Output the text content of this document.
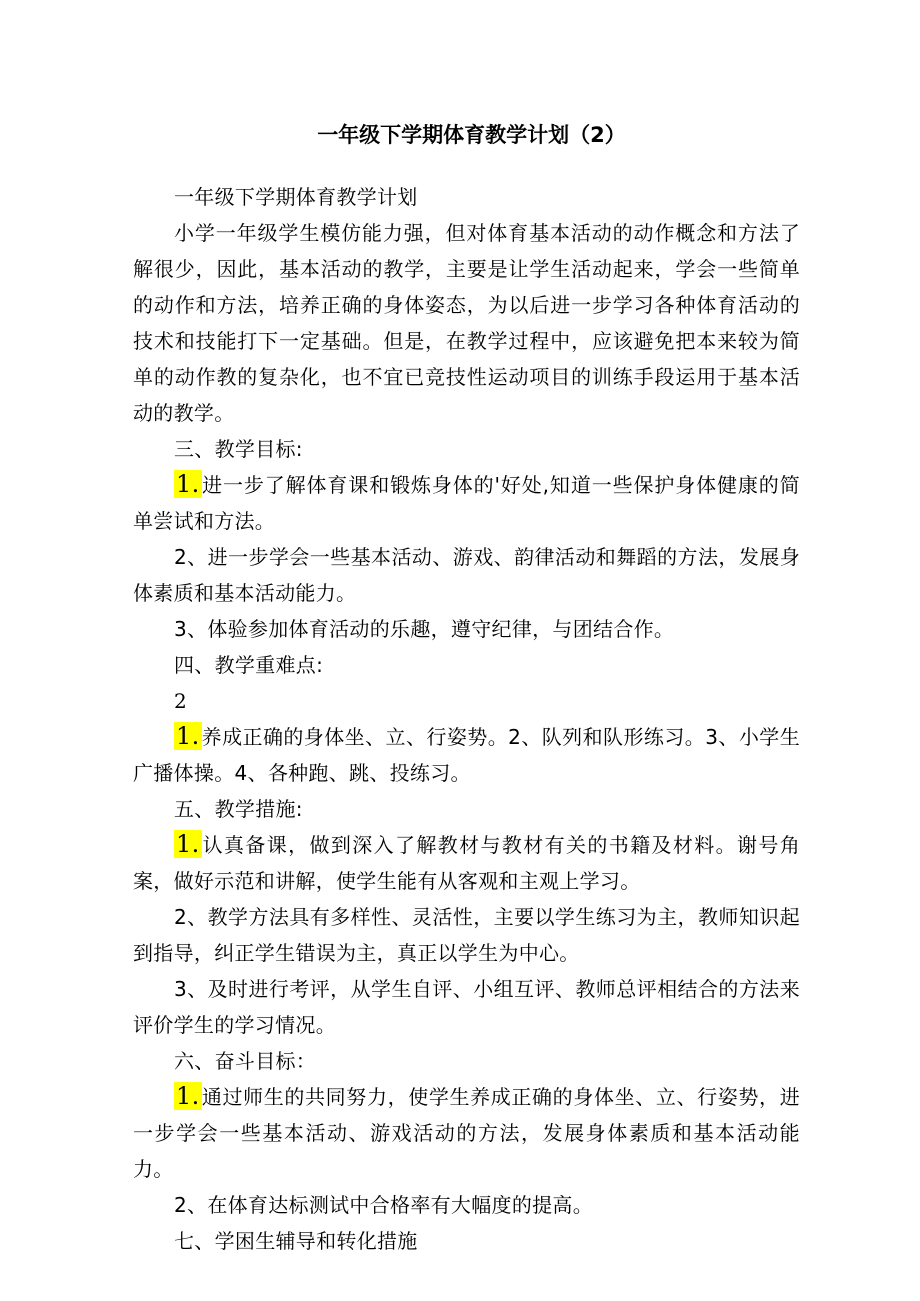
一年级下学期体育教学计划（2）

一年级下学期体育教学计划

小学一年级学生模仿能力强，但对体育基本活动的动作概念和方法了解很少，因此，基本活动的教学，主要是让学生活动起来，学会一些简单的动作和方法，培养正确的身体姿态，为以后进一步学习各种体育活动的技术和技能打下一定基础。但是，在教学过程中，应该避免把本来较为简单的动作教的复杂化，也不宜已竞技性运动项目的训练手段运用于基本活动的教学。

三、教学目标:

1. 进一步了解体育课和锻炼身体的'好处,知道一些保护身体健康的简单尝试和方法。

2、进一步学会一些基本活动、游戏、韵律活动和舞蹈的方法，发展身体素质和基本活动能力。

3、体验参加体育活动的乐趣，遵守纪律，与团结合作。

四、教学重难点:

2

1. 养成正确的身体坐、立、行姿势。2、队列和队形练习。3、小学生广播体操。4、各种跑、跳、投练习。

五、教学措施:

1. 认真备课，做到深入了解教材与教材有关的书籍及材料。谢号角案，做好示范和讲解，使学生能有从客观和主观上学习。

2、教学方法具有多样性、灵活性，主要以学生练习为主，教师知识起到指导，纠正学生错误为主，真正以学生为中心。

3、及时进行考评，从学生自评、小组互评、教师总评相结合的方法来评价学生的学习情况。

六、奋斗目标：

1. 通过师生的共同努力，使学生养成正确的身体坐、立、行姿势，进一步学会一些基本活动、游戏活动的方法，发展身体素质和基本活动能力。

2、在体育达标测试中合格率有大幅度的提高。

七、学困生辅导和转化措施
